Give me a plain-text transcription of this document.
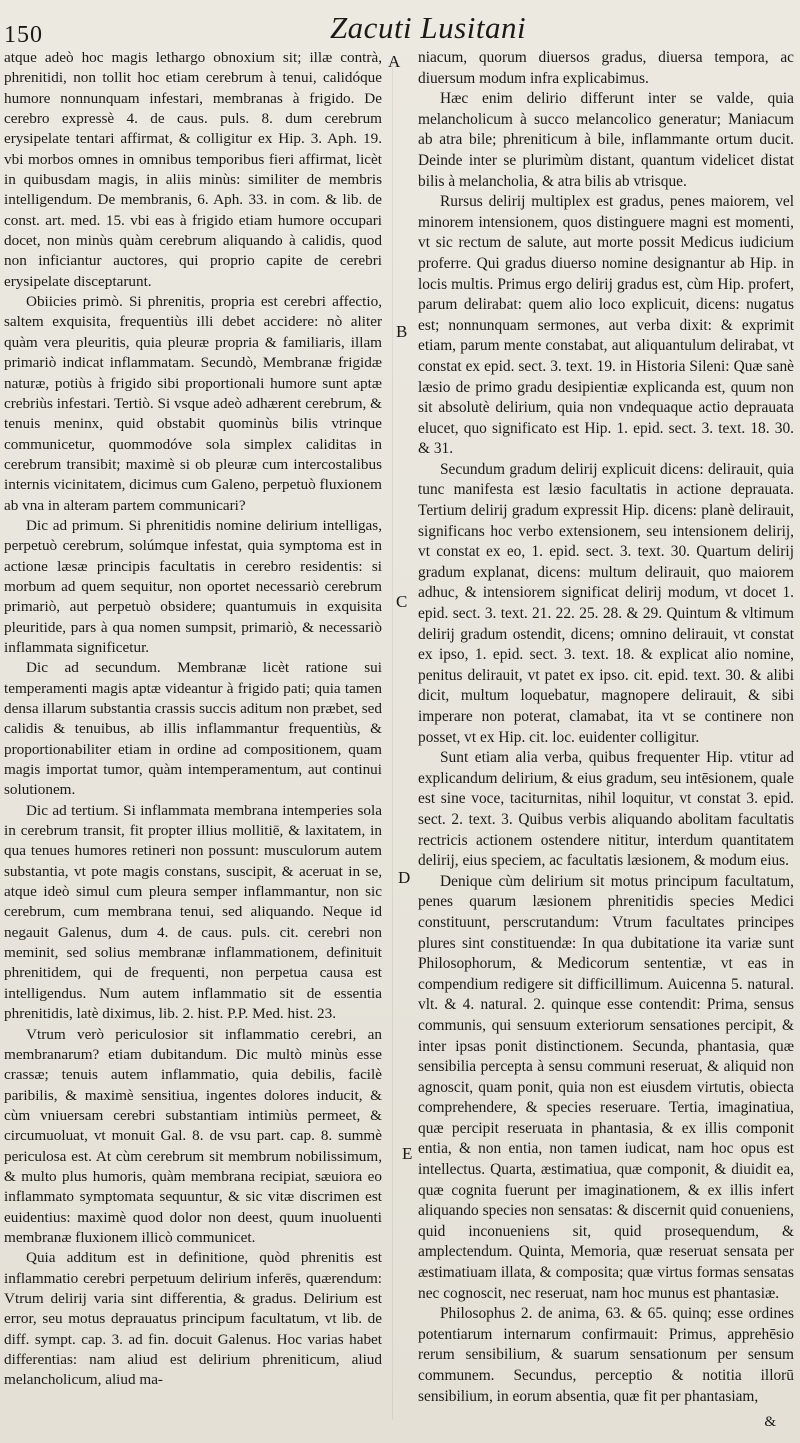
150	Zacuti Lusitani

atque adeò hoc magis lethargo obnoxium sit; illæ contrà, phrenitidi, non tollit hoc etiam cerebrum à tenui, calidóque humore nonnunquam infestari, membranas à frigido. De cerebro expressè 4. de caus. puls. 8. dum cerebrum erysipelate tentari affirmat, & colligitur ex Hip. 3. Aph. 19. vbi morbos omnes in omnibus temporibus fieri affirmat, licèt in quibusdam magis, in aliis minùs: similiter de membris intelligendum. De membranis, 6. Aph. 33. in com. & lib. de const. art. med. 15. vbi eas à frigido etiam humore occupari docet, non minùs quàm cerebrum aliquando à calidis, quod non inficiantur auctores, qui proprio capite de cerebri erysipelate disceptarunt.

Obiicies primò. Si phrenitis, propria est cerebri affectio, saltem exquisita, frequentiùs illi debet accidere: nò aliter quàm vera pleuritis, quia pleuræ propria & familiaris, illam primariò indicat inflammatam. Secundò, Membranæ frigidæ naturæ, potiùs à frigido sibi proportionali humore sunt aptæ crebriùs infestari. Tertiò. Si vsque adeò adhærent cerebrum, & tenuis meninx, quid obstabit quominùs bilis vtrinque communicetur, quommodóve sola simplex caliditas in cerebrum transibit; maximè si ob pleuræ cum intercostalibus internis vicinitatem, dicimus cum Galeno, perpetuò fluxionem ab vna in alteram partem communicari?

Dic ad primum. Si phrenitidis nomine delirium intelligas, perpetuò cerebrum, solúmque infestat, quia symptoma est in actione læsæ principis facultatis in cerebro residentis: si morbum ad quem sequitur, non oportet necessariò cerebrum primariò, aut perpetuò obsidere; quantumuis in exquisita pleuritide, pars à qua nomen sumpsit, primariò, & necessariò inflammata significetur.

Dic ad secundum. Membranæ licèt ratione sui temperamenti magis aptæ videantur à frigido pati; quia tamen densa illarum substantia crassis succis aditum non præbet, sed calidis & tenuibus, ab illis inflammantur frequentiùs, & proportionabiliter etiam in ordine ad compositionem, quam magis importat tumor, quàm intemperamentum, aut continui solutionem.

Dic ad tertium. Si inflammata membrana intemperies sola in cerebrum transit, fit propter illius mollitiē, & laxitatem, in qua tenues humores retineri non possunt: musculorum autem substantia, vt pote magis constans, suscipit, & aceruat in se, atque ideò simul cum pleura semper inflammantur, non sic cerebrum, cum membrana tenui, sed aliquando. Neque id negauit Galenus, dum 4. de caus. puls. cit. cerebri non meminit, sed solius membranæ inflammationem, definituit phrenitidem, qui de frequenti, non perpetua causa est intelligendus. Num autem inflammatio sit de essentia phrenitidis, latè diximus, lib. 2. hist. P.P. Med. hist. 23.

Vtrum verò periculosior sit inflammatio cerebri, an membranarum? etiam dubitandum. Dic multò minùs esse crassæ; tenuis autem inflammatio, quia debilis, facilè paribilis, & maximè sensitiua, ingentes dolores inducit, & cùm vniuersam cerebri substantiam intimiùs permeet, & circumuoluat, vt monuit Gal. 8. de vsu part. cap. 8. summè periculosa est. At cùm cerebrum sit membrum nobilissimum, & multo plus humoris, quàm membrana recipiat, sæuiora eo inflammato symptomata sequuntur, & sic vitæ discrimen est euidentius: maximè quod dolor non deest, quum inuoluenti membranæ fluxionem illicò communicet.

Quia additum est in definitione, quòd phrenitis est inflammatio cerebri perpetuum delirium inferēs, quærendum: Vtrum delirij varia sint differentia, & gradus. Delirium est error, seu motus deprauatus principum facultatum, vt lib. de diff. sympt. cap. 3. ad fin. docuit Galenus. Hoc varias habet differentias: nam aliud est delirium phreniticum, aliud melancholicum, aliud ma-

niacum, quorum diuersos gradus, diuersa tempora, ac diuersum modum infra explicabimus.

Hæc enim delirio differunt inter se valde, quia melancholicum à succo melancolico generatur; Maniacum ab atra bile; phreniticum à bile, inflammante ortum ducit. Deinde inter se plurimùm distant, quantum videlicet distat bilis à melancholia, & atra bilis ab vtrisque.

Rursus delirij multiplex est gradus, penes maiorem, vel minorem intensionem, quos distinguere magni est momenti, vt sic rectum de salute, aut morte possit Medicus iudicium proferre. Qui gradus diuerso nomine designantur ab Hip. in locis multis. Primus ergo delirij gradus est, cùm Hip. profert, parum delirabat: quem alio loco explicuit, dicens: nugatus est; nonnunquam sermones, aut verba dixit: & exprimit etiam, parum mente constabat, aut aliquantulum delirabat, vt constat ex epid. sect. 3. text. 19. in Historia Sileni: Quæ sanè læsio de primo gradu desipientiæ explicanda est, quum non sit absolutè delirium, quia non vndequaque actio deprauata elucet, quo significato est Hip. 1. epid. sect. 3. text. 18. 30. & 31.

Secundum gradum delirij explicuit dicens: delirauit, quia tunc manifesta est læsio facultatis in actione deprauata. Tertium delirij gradum expressit Hip. dicens: planè delirauit, significans hoc verbo extensionem, seu intensionem delirij, vt constat ex eo, 1. epid. sect. 3. text. 30. Quartum delirij gradum explanat, dicens: multum delirauit, quo maiorem adhuc, & intensiorem significat delirij modum, vt docet 1. epid. sect. 3. text. 21. 22. 25. 28. & 29. Quintum & vltimum delirij gradum ostendit, dicens; omnino delirauit, vt constat ex ipso, 1. epid. sect. 3. text. 18. & explicat alio nomine, penitus delirauit, vt patet ex ipso. cit. epid. text. 30. & alibi dicit, multum loquebatur, magnopere delirauit, & sibi imperare non poterat, clamabat, ita vt se continere non posset, vt ex Hip. cit. loc. euidenter colligitur.

Sunt etiam alia verba, quibus frequenter Hip. vtitur ad explicandum delirium, & eius gradum, seu intēsionem, quale est sine voce, taciturnitas, nihil loquitur, vt constat 3. epid. sect. 2. text. 3. Quibus verbis aliquando abolitam facultatis rectricis actionem ostendere nititur, interdum quantitatem delirij, eius speciem, ac facultatis læsionem, & modum eius.

Denique cùm delirium sit motus principum facultatum, penes quarum læsionem phrenitidis species Medici constituunt, perscrutandum: Vtrum facultates principes plures sint constituendæ: In qua dubitatione ita variæ sunt Philosophorum, & Medicorum sententiæ, vt eas in compendium redigere sit difficillimum. Auicenna 5. natural. vlt. & 4. natural. 2. quinque esse contendit: Prima, sensus communis, qui sensuum exteriorum sensationes percipit, & inter ipsas ponit distinctionem. Secunda, phantasia, quæ sensibilia percepta à sensu communi reseruat, & aliquid non agnoscit, quam ponit, quia non est eiusdem virtutis, obiecta comprehendere, & species reseruare. Tertia, imaginatiua, quæ percipit reseruata in phantasia, & ex illis componit entia, & non entia, non tamen iudicat, nam hoc opus est intellectus. Quarta, æstimatiua, quæ componit, & diuidit ea, quæ cognita fuerunt per imaginationem, & ex illis infert aliquando species non sensatas: & discernit quid conueniens, quid inconueniens sit, quid prosequendum, & amplectendum. Quinta, Memoria, quæ reseruat sensata per æstimatiuam illata, & composita; quæ virtus formas sensatas nec cognoscit, nec reseruat, nam hoc munus est phantasiæ.

Philosophus 2. de anima, 63. & 65. quinq; esse ordines potentiarum internarum confirmauit: Primus, apprehēsio rerum sensibilium, & suarum sensationum per sensum communem. Secundus, perceptio & notitia illorū sensibilium, in eorum absentia, quæ fit per phantasiam,

A
B
C
D
E
&
